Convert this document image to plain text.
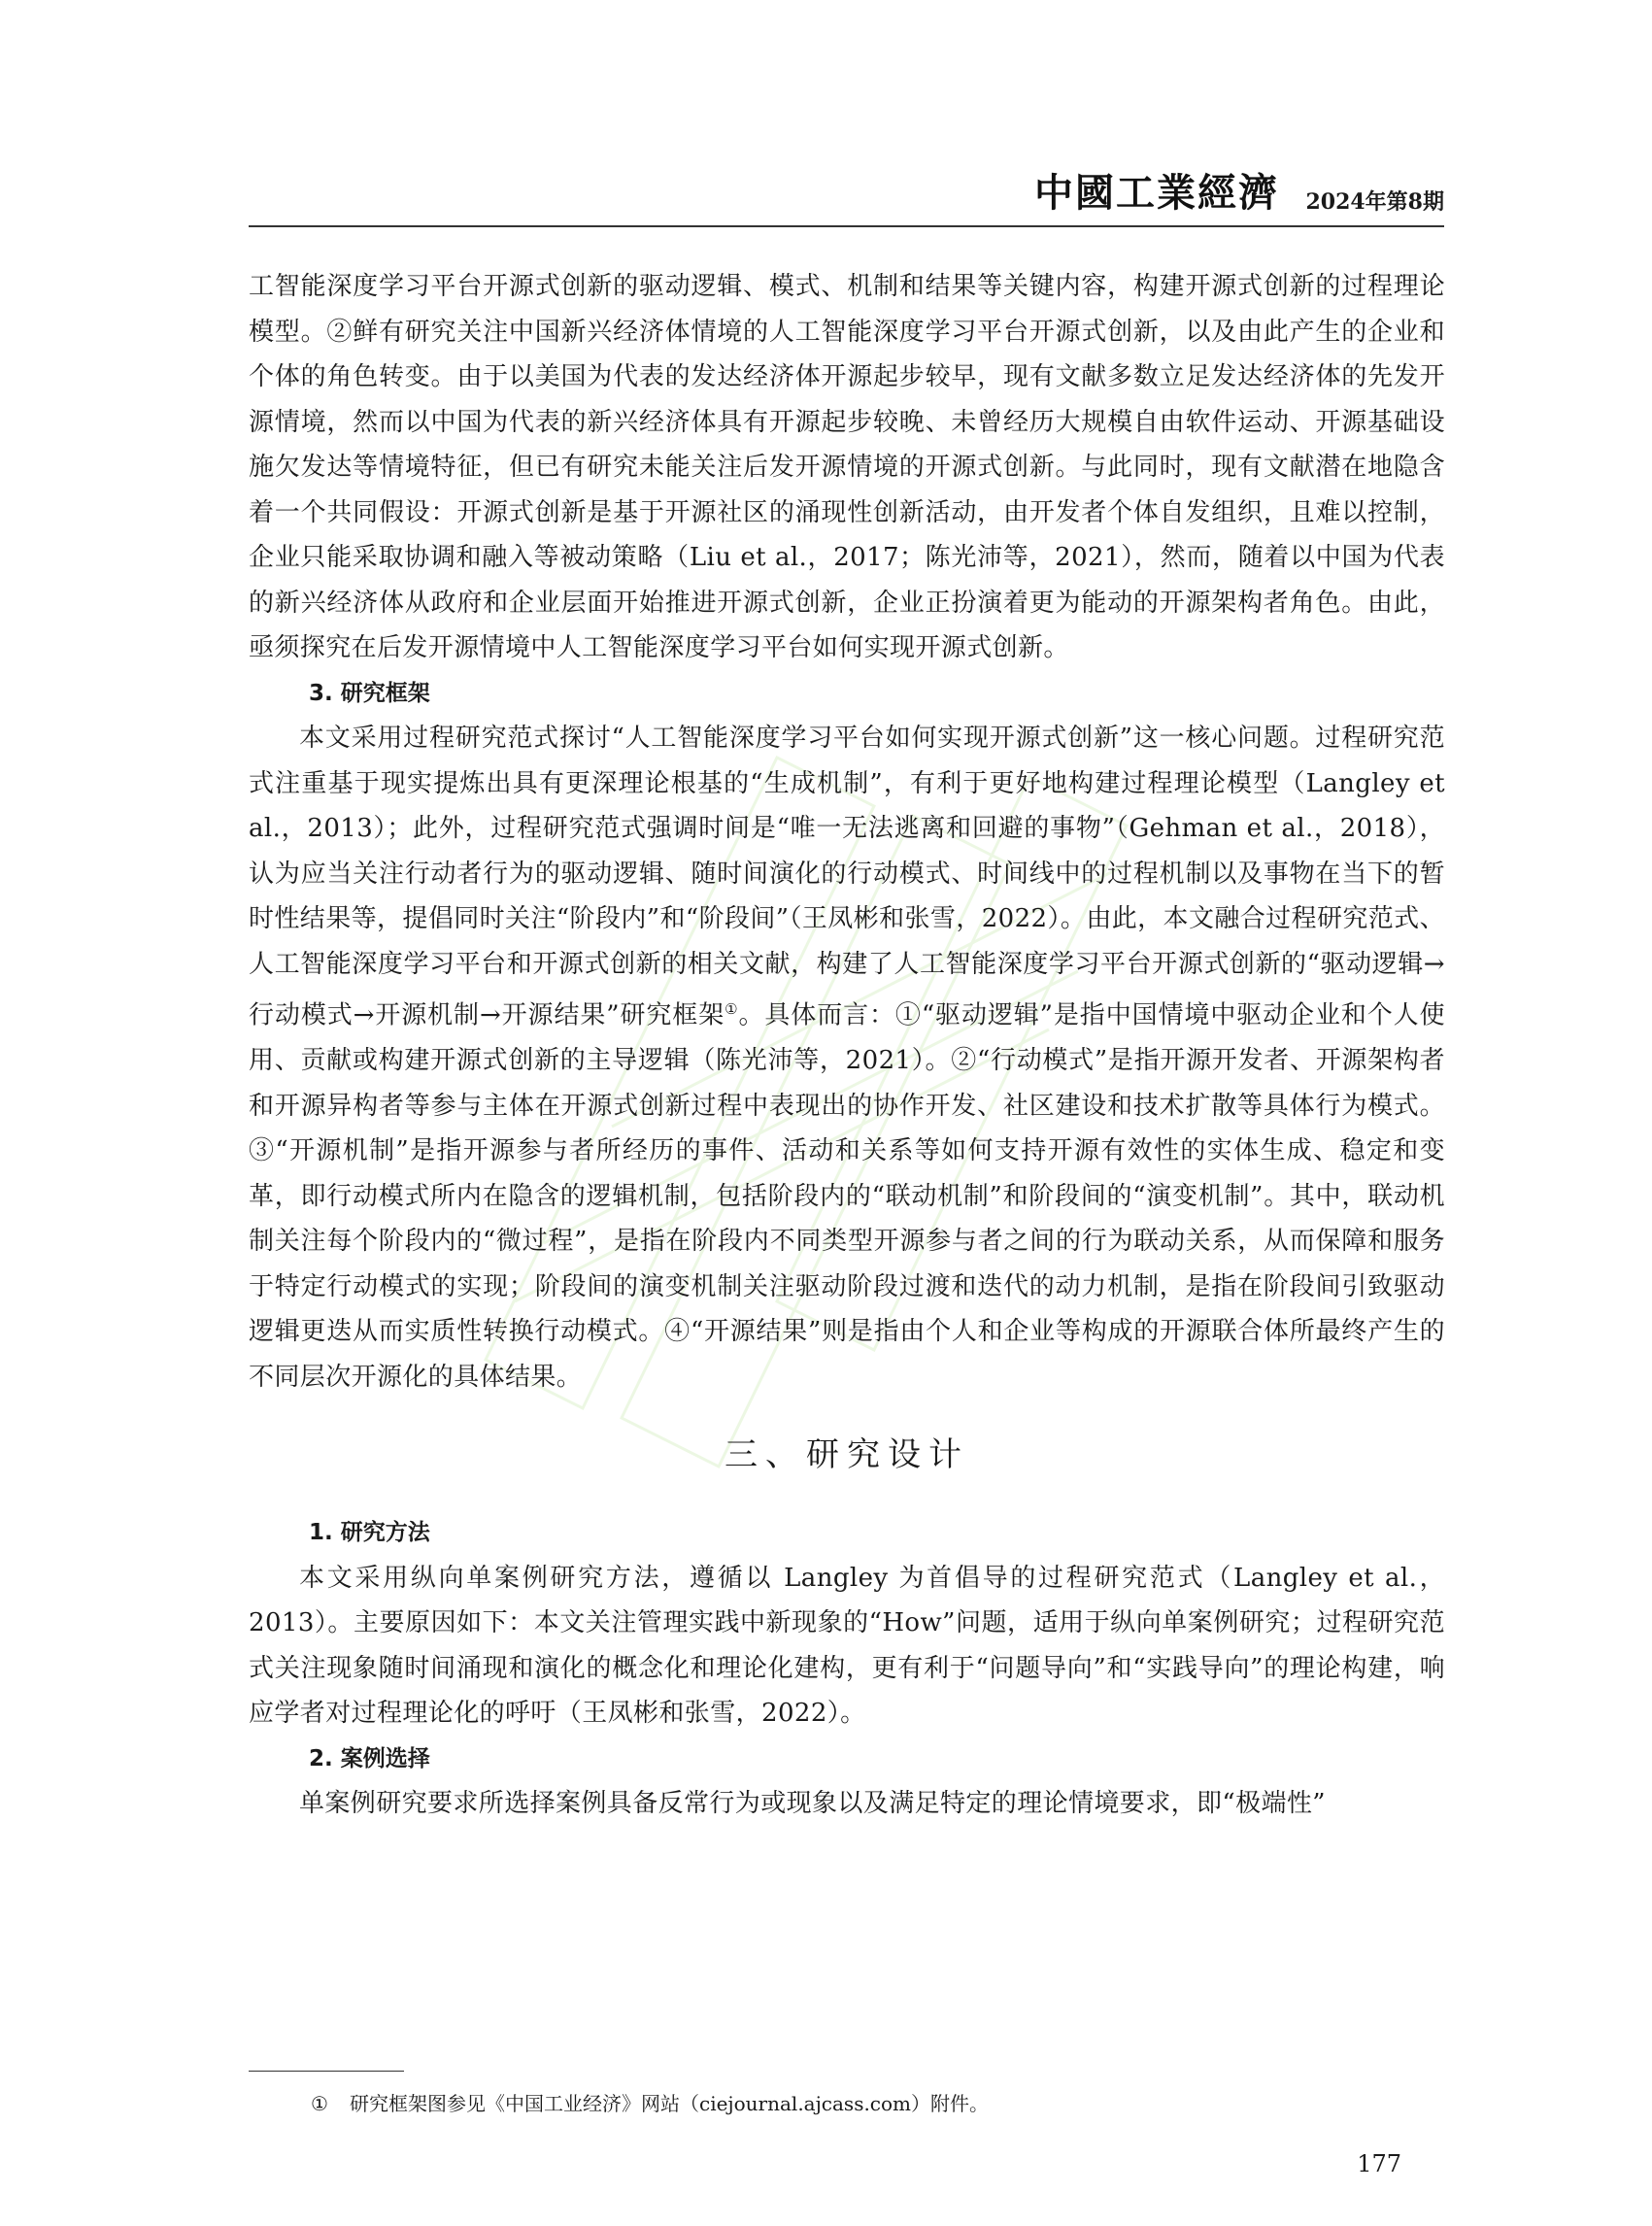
中國工業經濟 2024年第8期

工智能深度学习平台开源式创新的驱动逻辑、模式、机制和结果等关键内容，构建开源式创新的过程理论模型。②鲜有研究关注中国新兴经济体情境的人工智能深度学习平台开源式创新，以及由此产生的企业和个体的角色转变。由于以美国为代表的发达经济体开源起步较早，现有文献多数立足发达经济体的先发开源情境，然而以中国为代表的新兴经济体具有开源起步较晚、未曾经历大规模自由软件运动、开源基础设施欠发达等情境特征，但已有研究未能关注后发开源情境的开源式创新。与此同时，现有文献潜在地隐含着一个共同假设：开源式创新是基于开源社区的涌现性创新活动，由开发者个体自发组织，且难以控制，企业只能采取协调和融入等被动策略（Liu et al.，2017；陈光沛等，2021），然而，随着以中国为代表的新兴经济体从政府和企业层面开始推进开源式创新，企业正扮演着更为能动的开源架构者角色。由此，亟须探究在后发开源情境中人工智能深度学习平台如何实现开源式创新。

3. 研究框架

本文采用过程研究范式探讨“人工智能深度学习平台如何实现开源式创新”这一核心问题。过程研究范式注重基于现实提炼出具有更深理论根基的“生成机制”，有利于更好地构建过程理论模型（Langley et al.，2013）；此外，过程研究范式强调时间是“唯一无法逃离和回避的事物”（Gehman et al.，2018），认为应当关注行动者行为的驱动逻辑、随时间演化的行动模式、时间线中的过程机制以及事物在当下的暂时性结果等，提倡同时关注“阶段内”和“阶段间”（王凤彬和张雪，2022）。由此，本文融合过程研究范式、人工智能深度学习平台和开源式创新的相关文献，构建了人工智能深度学习平台开源式创新的“驱动逻辑→行动模式→开源机制→开源结果”研究框架①。具体而言：①“驱动逻辑”是指中国情境中驱动企业和个人使用、贡献或构建开源式创新的主导逻辑（陈光沛等，2021）。②“行动模式”是指开源开发者、开源架构者和开源异构者等参与主体在开源式创新过程中表现出的协作开发、社区建设和技术扩散等具体行为模式。③“开源机制”是指开源参与者所经历的事件、活动和关系等如何支持开源有效性的实体生成、稳定和变革，即行动模式所内在隐含的逻辑机制，包括阶段内的“联动机制”和阶段间的“演变机制”。其中，联动机制关注每个阶段内的“微过程”，是指在阶段内不同类型开源参与者之间的行为联动关系，从而保障和服务于特定行动模式的实现；阶段间的演变机制关注驱动阶段过渡和迭代的动力机制，是指在阶段间引致驱动逻辑更迭从而实质性转换行动模式。④“开源结果”则是指由个人和企业等构成的开源联合体所最终产生的不同层次开源化的具体结果。

三、研究设计

1. 研究方法

本文采用纵向单案例研究方法，遵循以 Langley 为首倡导的过程研究范式（Langley et al.，2013）。主要原因如下：本文关注管理实践中新现象的“How”问题，适用于纵向单案例研究；过程研究范式关注现象随时间涌现和演化的概念化和理论化建构，更有利于“问题导向”和“实践导向”的理论构建，响应学者对过程理论化的呼吁（王凤彬和张雪，2022）。

2. 案例选择

单案例研究要求所选择案例具备反常行为或现象以及满足特定的理论情境要求，即“极端性”

① 研究框架图参见《中国工业经济》网站（ciejournal.ajcass.com）附件。
177
